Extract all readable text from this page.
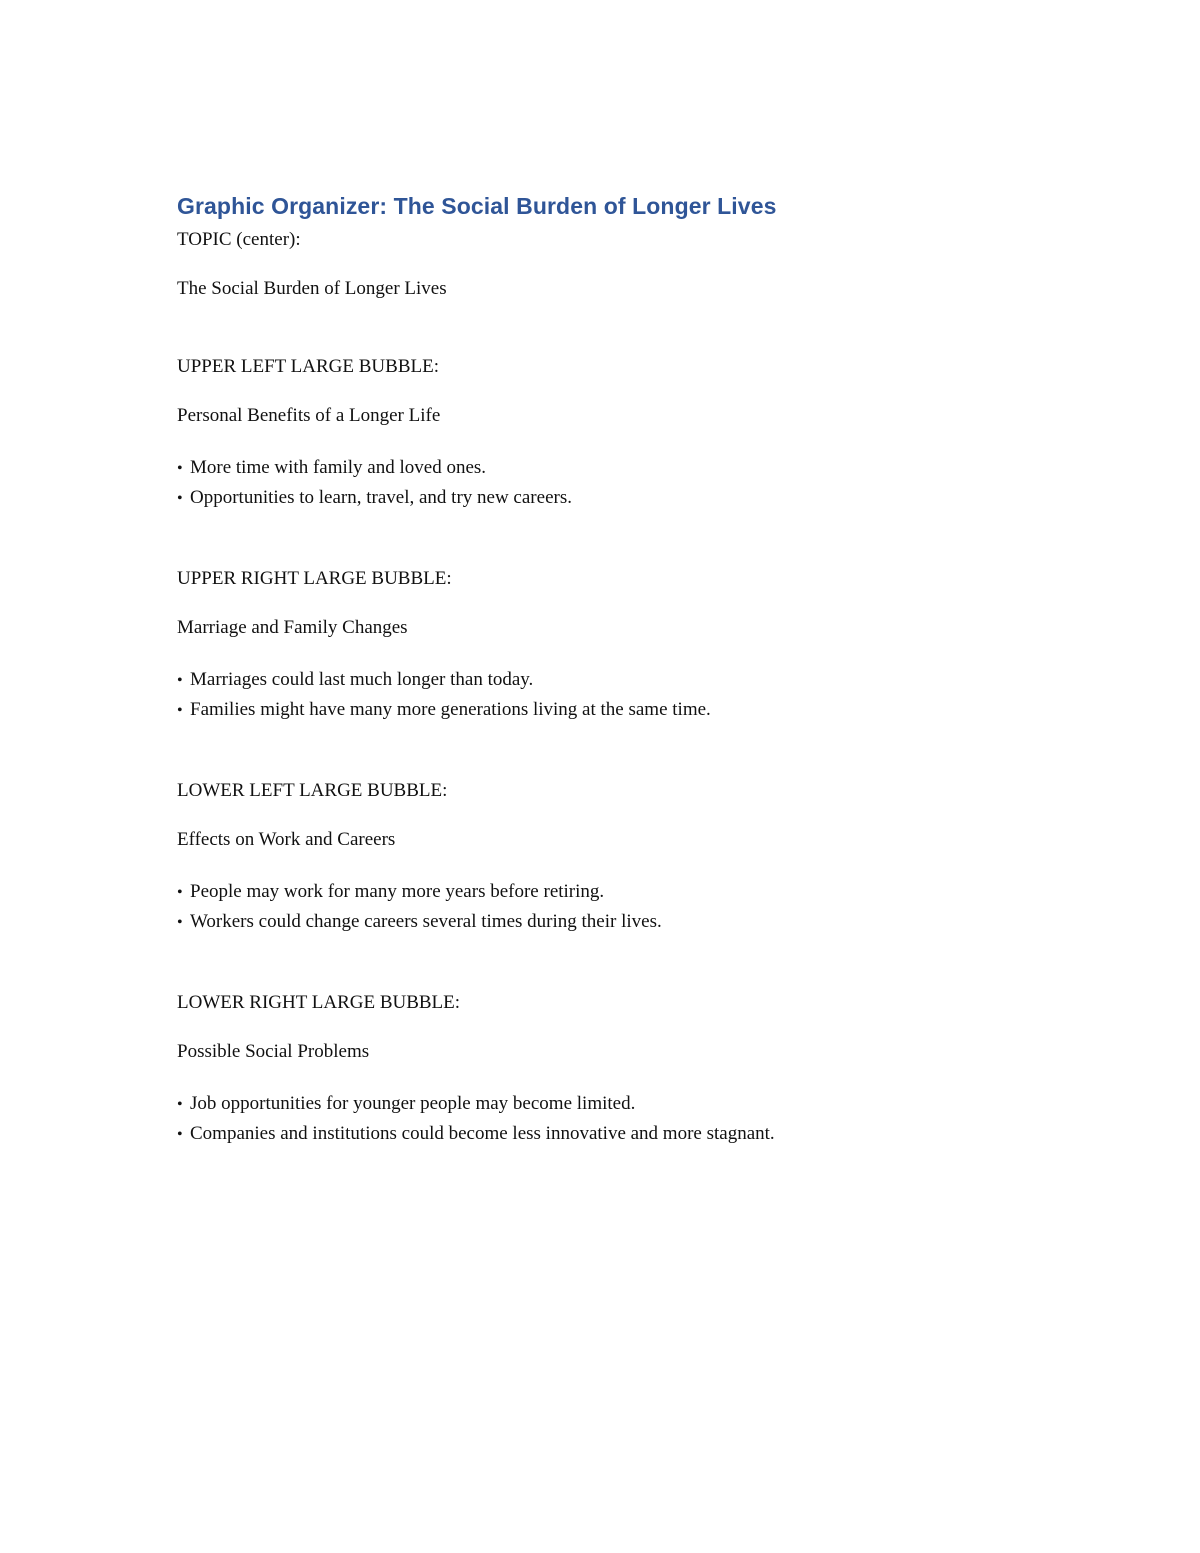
Graphic Organizer: The Social Burden of Longer Lives

TOPIC (center):

The Social Burden of Longer Lives

UPPER LEFT LARGE BUBBLE:

Personal Benefits of a Longer Life

• More time with family and loved ones.
• Opportunities to learn, travel, and try new careers.

UPPER RIGHT LARGE BUBBLE:

Marriage and Family Changes

• Marriages could last much longer than today.
• Families might have many more generations living at the same time.

LOWER LEFT LARGE BUBBLE:

Effects on Work and Careers

• People may work for many more years before retiring.
• Workers could change careers several times during their lives.

LOWER RIGHT LARGE BUBBLE:

Possible Social Problems

• Job opportunities for younger people may become limited.
• Companies and institutions could become less innovative and more stagnant.
